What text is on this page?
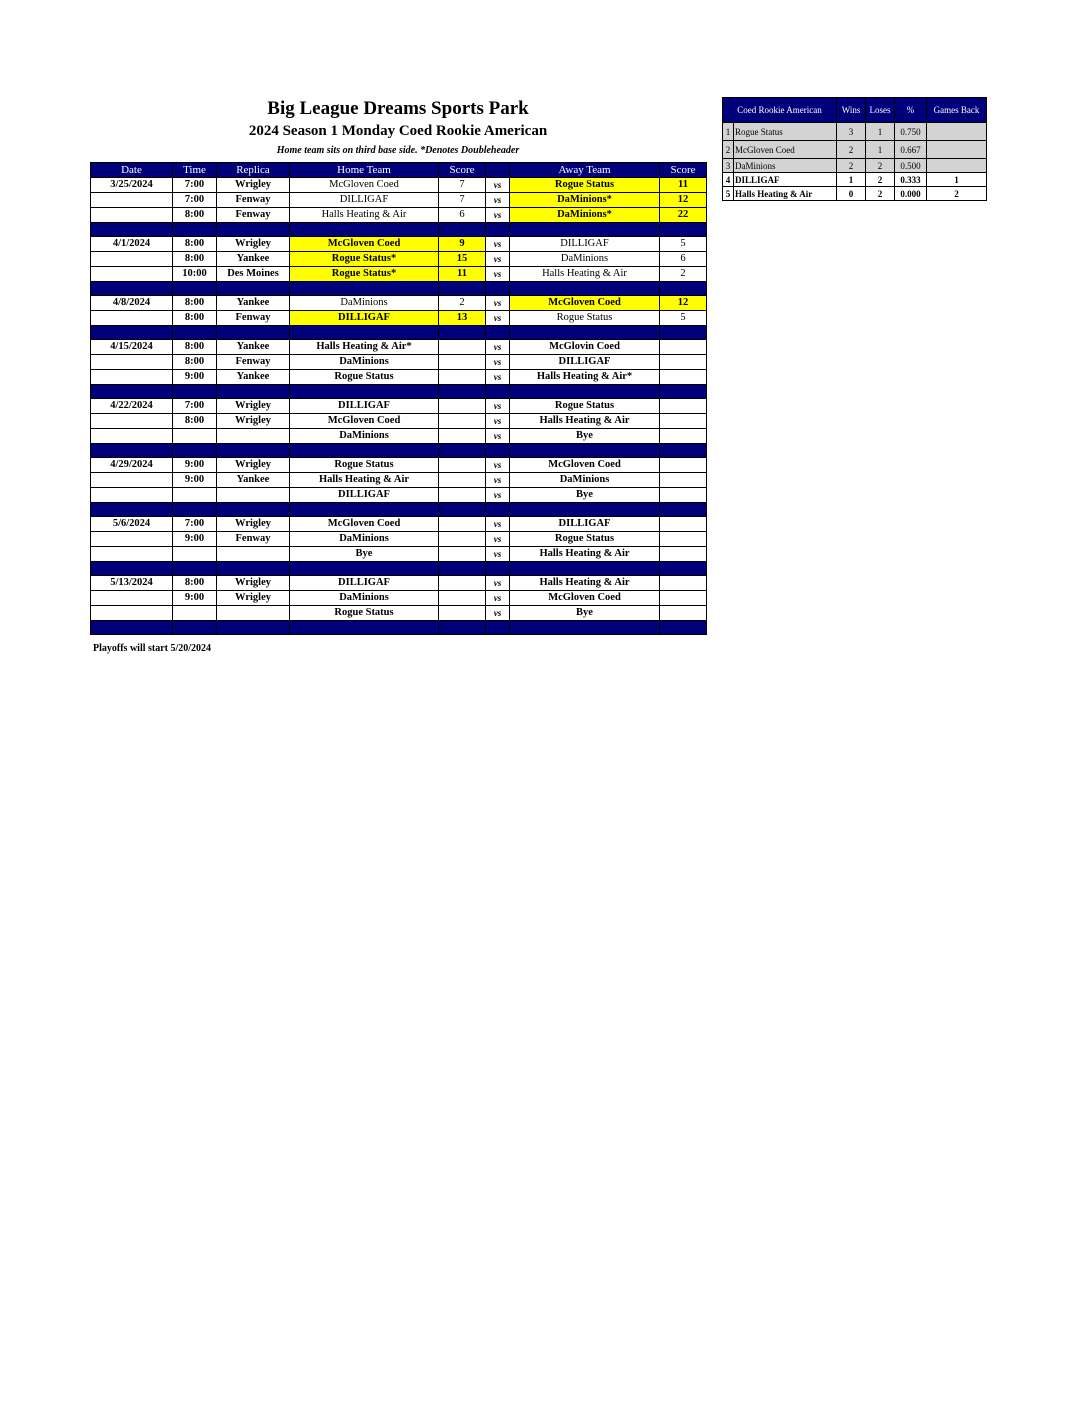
Big League Dreams Sports Park
2024 Season 1 Monday Coed Rookie American
Home team sits on third base side. *Denotes Doubleheader
Date	Time	Replica	Home Team	Score		Away Team	Score
3/25/2024	7:00	Wrigley	McGloven Coed	7	vs	Rogue Status	11
	7:00	Fenway	DILLIGAF	7	vs	DaMinions*	12
	8:00	Fenway	Halls Heating & Air	6	vs	DaMinions*	22

4/1/2024	8:00	Wrigley	McGloven Coed	9	vs	DILLIGAF	5
	8:00	Yankee	Rogue Status*	15	vs	DaMinions	6
	10:00	Des Moines	Rogue Status*	11	vs	Halls Heating & Air	2

4/8/2024	8:00	Yankee	DaMinions	2	vs	McGloven Coed	12
	8:00	Fenway	DILLIGAF	13	vs	Rogue Status	5

4/15/2024	8:00	Yankee	Halls Heating & Air*		vs	McGlovin Coed	
	8:00	Fenway	DaMinions		vs	DILLIGAF	
	9:00	Yankee	Rogue Status		vs	Halls Heating & Air*	

4/22/2024	7:00	Wrigley	DILLIGAF		vs	Rogue Status	
	8:00	Wrigley	McGloven Coed		vs	Halls Heating & Air	
			DaMinions		vs	Bye	

4/29/2024	9:00	Wrigley	Rogue Status		vs	McGloven Coed	
	9:00	Yankee	Halls Heating & Air		vs	DaMinions	
			DILLIGAF		vs	Bye	

5/6/2024	7:00	Wrigley	McGloven Coed		vs	DILLIGAF	
	9:00	Fenway	DaMinions		vs	Rogue Status	
			Bye		vs	Halls Heating & Air	

5/13/2024	8:00	Wrigley	DILLIGAF		vs	Halls Heating & Air	
	9:00	Wrigley	DaMinions		vs	McGloven Coed	
			Rogue Status		vs	Bye	

Playoffs will start 5/20/2024
Coed Rookie American		Wins	Loses	%	Games Back
1	Rogue Status	3	1	0.750	
2	McGloven Coed	2	1	0.667	
3	DaMinions	2	2	0.500	
4	DILLIGAF	1	2	0.333	1
5	Halls Heating & Air	0	2	0.000	2
